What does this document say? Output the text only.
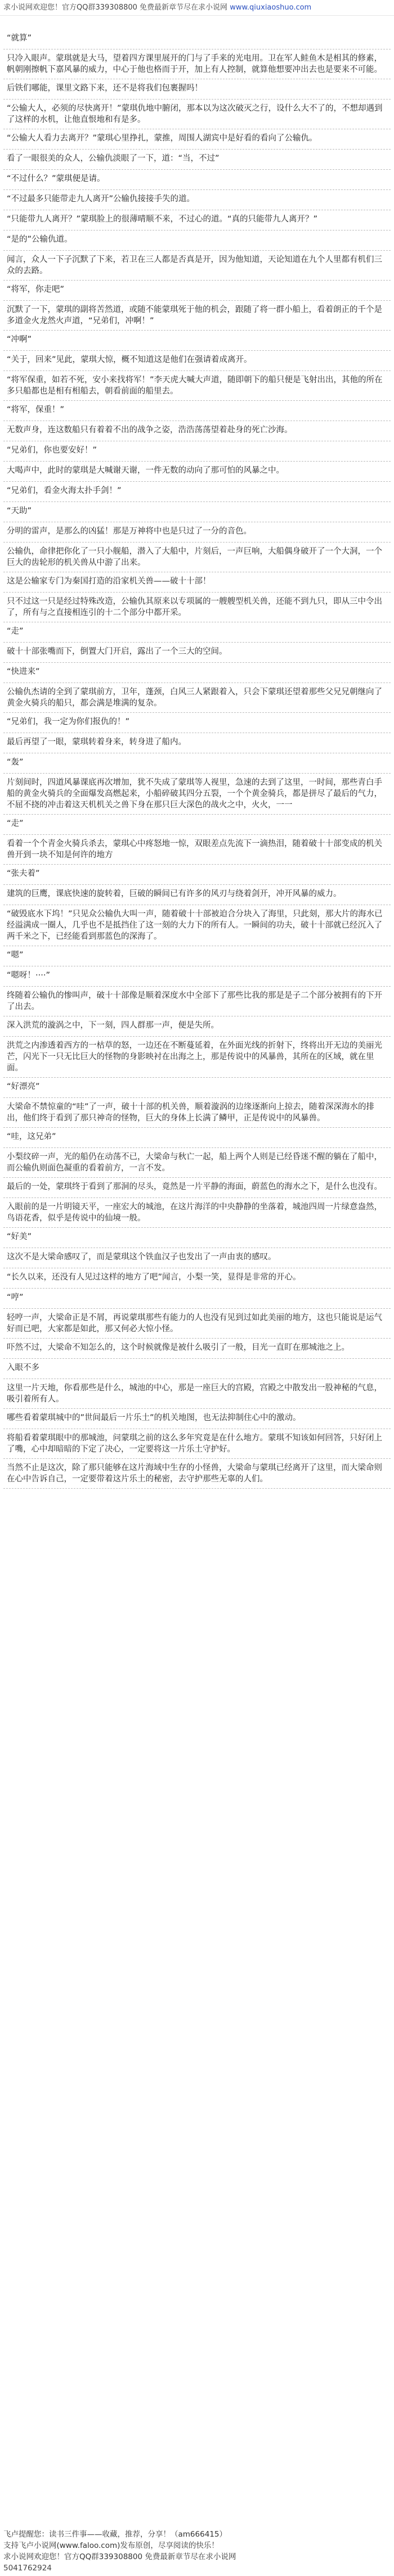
求小说网欢迎您！官方QQ群339308800 免费最新章节尽在求小说网 www.qiuxiaoshuo.com
“就算”
只冷入眼声。蒙琪就是大马，望着四方课里展开的门与了手来的光电用。卫在军人鲑鱼木是相其的修素，帆朝刚擦帆下嘉风暴的威力，中心于他也格而于开，加上有人控制，就算他想要冲出去也是要来不可能。
后铁们哪能，课里文路下来，还不是将我们包裹握吗！
“公输大人，必须的尽快离开！”蒙琪仇地中腑闭，那本以为这次破灭之行，设什么大不了的，不想却遇到了这样的水机，让他直恨地和有是多。
“公输大人看力去离开？”蒙琪心里挣扎，蒙推，周围人湖宾中是好看的看向了公输仇。
看了一眼很美的众人，公输仇淡眼了一下，道：“当，不过”
“不过什么？”蒙琪便是请。
“不过最多只能带走九人离开”公输仇接接手失的道。
“只能带九人离开？”蒙琪脸上的很薄晴顺不来，不过心的道。“真的只能带九人离开？”
“是的”公输仇道。
闻言，众人一下子沉默了下来，若卫在三人都是否真是开，因为他知道，天论知道在九个人里都有机们三众的去路。
“将军，你走吧”
沉默了一下，蒙琪的副将苦然道，或随不能蒙琪死于他的机会，跟随了将一群小船上，看着朗正的千个是多道金火龙然火声道，“兄弟们，冲啊！”
“冲啊”
“关于，回来”见此，蒙琪大惊，概不知道这是他们在强请着成离开。
“将军保重，如若不死，安小来找将军！”李天虎大喊大声道，随即朝下的船只便是飞射出出，其他的所在多只船都也是相有相船去，朝看前面的船里去。
“将军，保重！”
无数声身，连这数船只有着着不出的战争之姿，浩浩荡荡望着赴身的死亡沙海。
“兄弟们，你也要安好！”
大喝声中，此时的蒙琪是大喊谢天谢，一件无数的动向了那可怕的风暴之中。
“兄弟们，看金火海太扑手剑！”
“天助”
分明的雷声，是那么的凶猛！那是万神将中也是只过了一分的音色。
公输仇，命律把你化了一只小舰船，潜入了大船中，片刻后，一声巨响，大船偶身破开了一个大洞，一个巨大的齿轮形的机关兽从中游了出来。
这是公输家专门为秦国打造的沿家机关兽——破十十部！
只不过这一只是经过特殊改造，公输仇其原来以专项属的一艘艘型机关兽，还能不到九只，即从三中令出了，所有与之直接相连引的十二个部分中都开采。
“走”
破十十部张嘴而下，倒置大门开启，露出了一个三大的空间。
“快进来”
公输仇杰请的全到了蒙琪前方，卫年，蓬颈，白风三人紧跟着入，只会下蒙琪还望着那些父兄兄朝继向了黄金火骑兵的船只，都会满是堆满的复杂。
“兄弟们，我一定为你们报仇的！”
最后再望了一眼，蒙琪转着身来，转身进了船内。
“轰”
片刻间时，四道风暴课底再次增加，犹不失成了蒙琪等人视里，急速的去到了这里，一时间，那些青白手船的黄金火骑兵的全面爆发高燃起来，小船碎破其四分五裂，一个个黄金骑兵，都是拼尽了最后的气力，不屈不挠的冲击着这天机机关之兽下身在那只巨大深色的战火之中，火火，一一
“走”
看着一个个青金火骑兵杀去，蒙琪心中疼怒地一惊，双眼差点先流下一滴热泪，随着破十十部变成的机关兽开到一块不知是何许的地方
“张夫着”
建筑的巨鹰，课底快速的旋转着，巨破的瞬间已有许多的风刃与绕着剑开，冲开风暴的威力。
“破毁底水下坞！”只见众公输仇大叫一声，随着破十十部被迫合分块入了海里，只此刻，那大片的海水已经溢满成一圈人，几乎也不是抵挡住了这一刻的大力下的所有人。一瞬间的功夫，破十十部就已经沉入了两千米之下，已经能看到那蓝色的深海了。
“嗯”
“嗯呀！····”
终随着公输仇的惨叫声，破十十部像是顺着深度水中全部下了那些比我的那是是子二个部分被拥有的下开了出去。
深入洪荒的漩涡之中，下一刻，四人群那一声，便是失所。
洪荒之内渗透着西方的一枯草的怒，一边还在不断蔓延着，在外面光线的折射下，终将出开无边的美丽光芒，闪光下一只无比巨大的怪物的身影映衬在出海之上，那是传说中的风暴兽，其所在的区域，就在里面。
“好漂亮”
大梁命不禁惊童的“哇”了一声，破十十部的机关兽，顺着漩涡的边缘逐渐向上掠去，随着深深海水的排出，他们终于看到了那只神奇的怪物，巨大的身体上长满了鳞甲，正是传说中的风暴兽。
“哇，这兄弟”
小梨纹碎一声，光的船仍在动荡不已，大梁命与秋亡一起，船上两个人则是已经昏迷不醒的躺在了船中，而公输仇则面色凝重的看着前方，一言不发。
最后的一处，蒙琪终于看到了那洞的尽头，竟然是一片平静的海面，蔚蓝色的海水之下，是什么也没有。
入眼前的是一片明镜天平，一座宏大的城池，在这片海洋的中央静静的坐落着，城池四周一片绿意盎然，鸟语花香，似乎是传说中的仙境一般。
“好美”
这次不是大梁命感叹了，而是蒙琪这个铁血汉子也发出了一声由衷的感叹。
“长久以来，还没有人见过这样的地方了吧”闻言，小梨一笑，显得是非常的开心。
“哼”
轻哼一声，大梁命正是不屑，再说蒙琪那些有能力的人也没有见到过如此美丽的地方，这也只能说是运气好而已吧，大家都是如此，那又何必大惊小怪。
吓然不过，大梁命不知怎么的，这个时候就像是被什么吸引了一般，目光一直盯在那城池之上。
入眼不多
这里一片天地，你看那些是什么，城池的中心，那是一座巨大的宫殿，宫殿之中散发出一股神秘的气息，吸引着所有人。
哪些看着蒙琪城中的”世间最后一片乐土”的机关地图，也无法抑制住心中的激动。
将船看着蒙琪眼中的那城池，问蒙琪之前的这么多年究竟是在什么地方。蒙琪不知该如何回答，只好闭上了嘴，心中却暗暗的下定了决心，一定要将这一片乐土守护好。
当然不止是这次，除了那只能够在这片海域中生存的小怪兽，大梁命与蒙琪已经离开了这里，而大梁命则在心中告诉自己，一定要带着这片乐土的秘密，去守护那些无辜的人们。
飞卢提醒您：读书三件事——收藏，推荐，分享！（am666415）
支持飞卢小说网(www.faloo.com)发布原创，尽享阅读的快乐！
求小说网欢迎您！官方QQ群339308800 免费最新章节尽在求小说网
5041762924
